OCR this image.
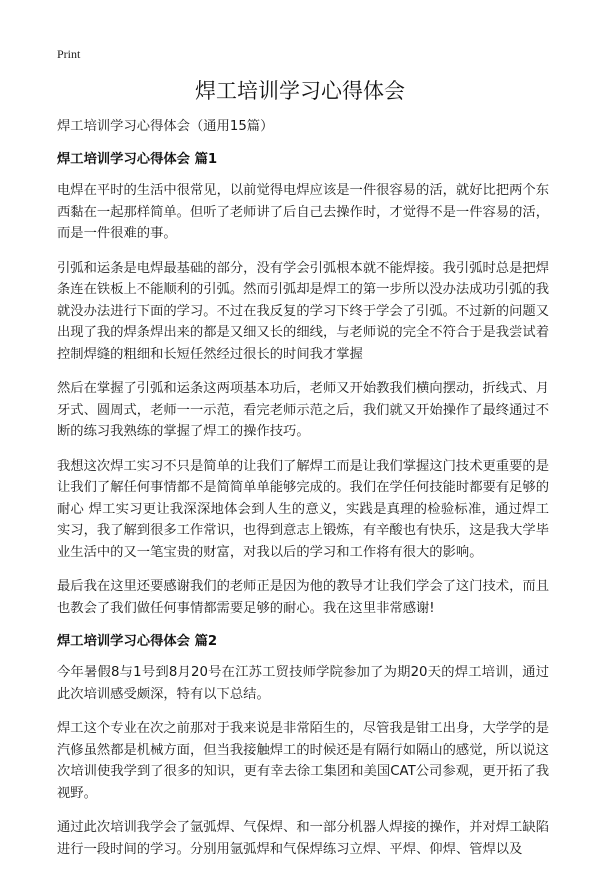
Print
焊工培训学习心得体会
焊工培训学习心得体会（通用15篇）
焊工培训学习心得体会 篇1

电焊在平时的生活中很常见，以前觉得电焊应该是一件很容易的活，就好比把两个东西黏在一起那样简单。但听了老师讲了后自己去操作时，才觉得不是一件容易的活，而是一件很难的事。

引弧和运条是电焊最基础的部分，没有学会引弧根本就不能焊接。我引弧时总是把焊条连在铁板上不能顺利的引弧。然而引弧却是焊工的第一步所以没办法成功引弧的我就没办法进行下面的学习。不过在我反复的学习下终于学会了引弧。不过新的问题又出现了我的焊条焊出来的都是又细又长的细线，与老师说的完全不符合于是我尝试着控制焊缝的粗细和长短任然经过很长的时间我才掌握

然后在掌握了引弧和运条这两项基本功后，老师又开始教我们横向摆动，折线式、月牙式、圆周式，老师一一示范，看完老师示范之后，我们就又开始操作了最终通过不断的练习我熟练的掌握了焊工的操作技巧。

我想这次焊工实习不只是简单的让我们了解焊工而是让我们掌握这门技术更重要的是让我们了解任何事情都不是简简单单能够完成的。我们在学任何技能时都要有足够的耐心 焊工实习更让我深深地体会到人生的意义，实践是真理的检验标准，通过焊工实习，我了解到很多工作常识，也得到意志上锻炼，有辛酸也有快乐，这是我大学毕业生活中的又一笔宝贵的财富，对我以后的学习和工作将有很大的影响。

最后我在这里还要感谢我们的老师正是因为他的教导才让我们学会了这门技术，而且也教会了我们做任何事情都需要足够的耐心。我在这里非常感谢!

焊工培训学习心得体会 篇2

今年暑假8与1号到8月20号在江苏工贸技师学院参加了为期20天的焊工培训，通过此次培训感受颇深，特有以下总结。

焊工这个专业在次之前那对于我来说是非常陌生的，尽管我是钳工出身，大学学的是汽修虽然都是机械方面，但当我接触焊工的时候还是有隔行如隔山的感觉，所以说这次培训使我学到了很多的知识，更有幸去徐工集团和美国CAT公司参观，更开拓了我视野。

通过此次培训我学会了氩弧焊、气保焊、和一部分机器人焊接的操作，并对焊工缺陷进行一段时间的学习。分别用氩弧焊和气保焊练习立焊、平焊、仰焊、管焊以及
